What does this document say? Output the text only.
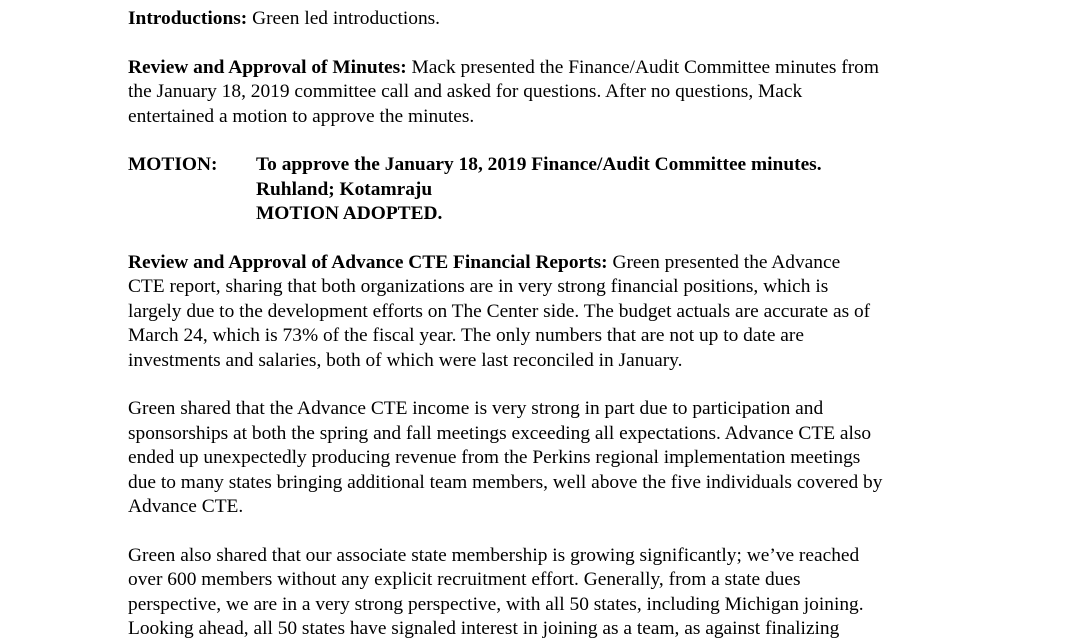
Introductions: Green led introductions.

Review and Approval of Minutes: Mack presented the Finance/Audit Committee minutes from
the January 18, 2019 committee call and asked for questions. After no questions, Mack
entertained a motion to approve the minutes.

MOTION:	To approve the January 18, 2019 Finance/Audit Committee minutes.
Ruhland; Kotamraju
MOTION ADOPTED.

Review and Approval of Advance CTE Financial Reports: Green presented the Advance
CTE report, sharing that both organizations are in very strong financial positions, which is
largely due to the development efforts on The Center side. The budget actuals are accurate as of
March 24, which is 73% of the fiscal year. The only numbers that are not up to date are
investments and salaries, both of which were last reconciled in January.

Green shared that the Advance CTE income is very strong in part due to participation and
sponsorships at both the spring and fall meetings exceeding all expectations. Advance CTE also
ended up unexpectedly producing revenue from the Perkins regional implementation meetings
due to many states bringing additional team members, well above the five individuals covered by
Advance CTE.

Green also shared that our associate state membership is growing significantly; we’ve reached
over 600 members without any explicit recruitment effort. Generally, from a state dues
perspective, we are in a very strong perspective, with all 50 states, including Michigan joining.

Looking ahead, all 50 states have signaled interest in joining as a team, as against finalizing
